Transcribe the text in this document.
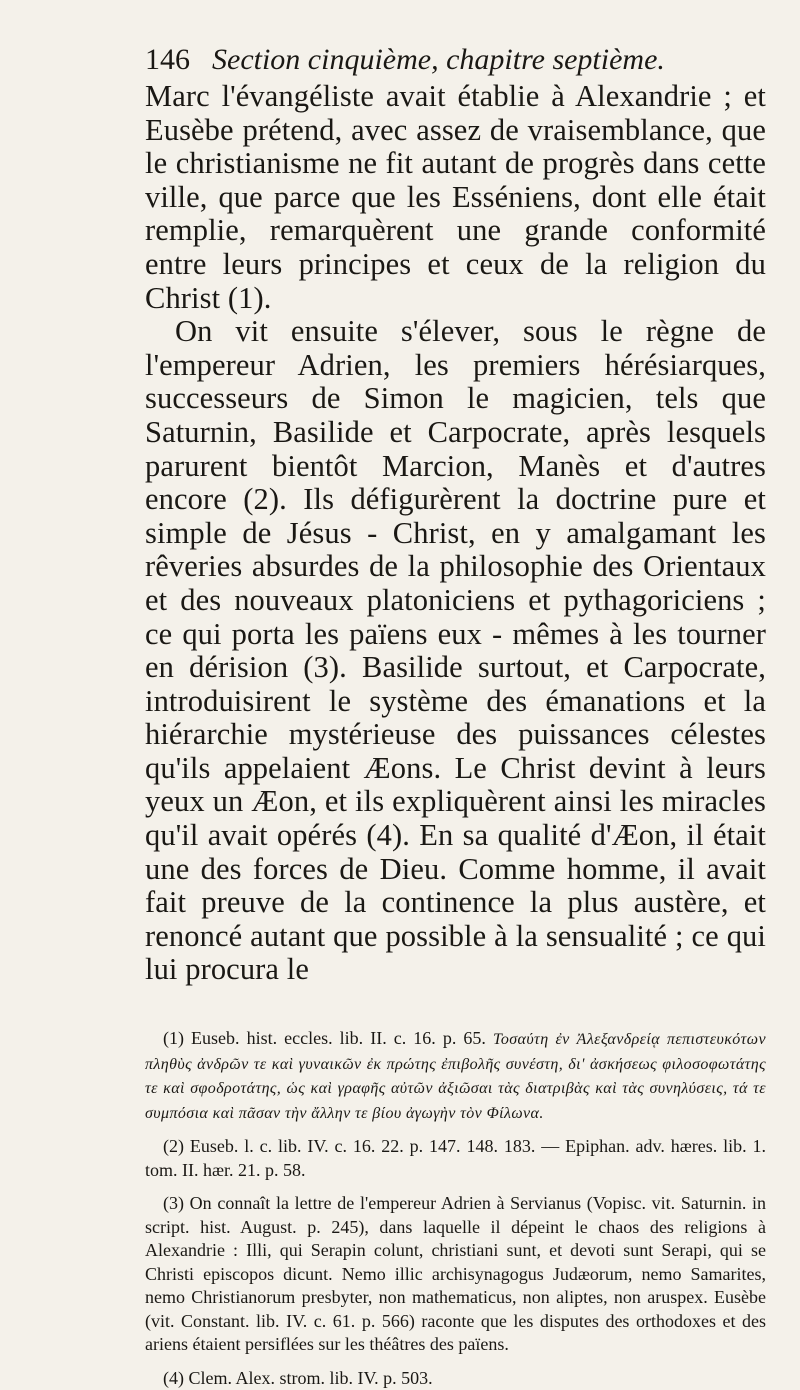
146 Section cinquième, chapitre septième.

Marc l'évangéliste avait établie à Alexandrie ; et Eusèbe prétend, avec assez de vraisemblance, que le christianisme ne fit autant de progrès dans cette ville, que parce que les Esséniens, dont elle était remplie, remarquèrent une grande conformité entre leurs principes et ceux de la religion du Christ (1).

On vit ensuite s'élever, sous le règne de l'empereur Adrien, les premiers hérésiarques, successeurs de Simon le magicien, tels que Saturnin, Basilide et Carpocrate, après lesquels parurent bientôt Marcion, Manès et d'autres encore (2). Ils défigurèrent la doctrine pure et simple de Jésus - Christ, en y amalgamant les rêveries absurdes de la philosophie des Orientaux et des nouveaux platoniciens et pythagoriciens ; ce qui porta les païens eux - mêmes à les tourner en dérision (3). Basilide surtout, et Carpocrate, introduisirent le système des émanations et la hiérarchie mystérieuse des puissances célestes qu'ils appelaient Æons. Le Christ devint à leurs yeux un Æon, et ils expliquèrent ainsi les miracles qu'il avait opérés (4). En sa qualité d'Æon, il était une des forces de Dieu. Comme homme, il avait fait preuve de la continence la plus austère, et renoncé autant que possible à la sensualité ; ce qui lui procura le

(1) Euseb. hist. eccles. lib. II. c. 16. p. 65. Τοσαύτη ἐν Ἀλεξανδρείᾳ πεπιστευκότων πληθὺς ἀνδρῶν τε καὶ γυναικῶν ἐκ πρώτης ἐπιβολῆς συνέστη, δι' ἀσκήσεως φιλοσοφωτάτης τε καὶ σφοδροτάτης, ὡς καὶ γραφῆς αὐτῶν ἀξιῶσαι τὰς διατριβὰς καὶ τὰς συνηλύσεις, τά τε συμπόσια καὶ πᾶσαν τὴν ἄλλην τε βίου ἀγωγὴν τὸν Φίλωνα.

(2) Euseb. l. c. lib. IV. c. 16. 22. p. 147. 148. 183. — Epiphan. adv. hæres. lib. 1. tom. II. hær. 21. p. 58.

(3) On connaît la lettre de l'empereur Adrien à Servianus (Vopisc. vit. Saturnin. in script. hist. August. p. 245), dans laquelle il dépeint le chaos des religions à Alexandrie : Illi, qui Serapin colunt, christiani sunt, et devoti sunt Serapi, qui se Christi episcopos dicunt. Nemo illic archisynagogus Judæorum, nemo Samarites, nemo Christianorum presbyter, non mathematicus, non aliptes, non aruspex. Eusèbe (vit. Constant. lib. IV. c. 61. p. 566) raconte que les disputes des orthodoxes et des ariens étaient persiflées sur les théâtres des païens.

(4) Clem. Alex. strom. lib. IV. p. 503.
